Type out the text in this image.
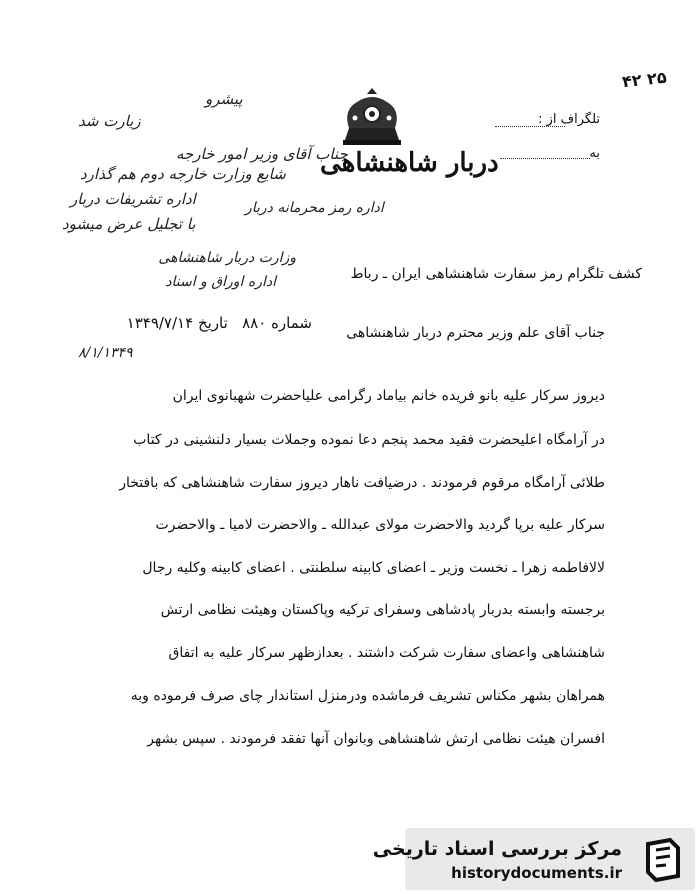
۴۲ ۲۵
دربار شاهنشاهی
اداره رمز محرمانه دربار
تلگراف از :
به
پیشرو
زیارت شد
جناب آقای وزیر امور خارجه
شایع وزارت خارجه دوم هم گذارد
اداره تشریفات دربار
با تجلیل عرض میشود
وزارت دربار شاهنشاهی
اداره اوراق و اسناد
شماره ۸۸۰   تاریخ ۱۳۴۹/۷/۱۴
۸/۱/۱۳۴۹
کشف تلگرام رمز سفارت شاهنشاهی ایران ـ رباط
جناب آقای علم وزیر محترم دربار شاهنشاهی
دیروز سرکار علیه بانو فریده خانم بیاماد رگرامی علیاحضرت شهبانوی ایران
در آرامگاه اعلیحضرت فقید محمد پنجم دعا نموده وجملات بسیار دلنشینی در کتاب
طلائی آرامگاه مرقوم فرمودند . درضیافت ناهار دیروز سفارت شاهنشاهی که بافتخار
سرکار علیه برپا گردید والاحضرت مولای عبدالله ـ والاحضرت لامیا ـ والاحضرت
لالافاطمه زهرا ـ نخست وزیر ـ اعضای کابینه سلطنتی . اعضای کابینه وکلیه رجال
برجسته وابسته بدربار پادشاهی وسفرای ترکیه وپاکستان وهیئت نظامی ارتش
شاهنشاهی واعضای سفارت شرکت داشتند . بعدازظهر سرکار علیه به اتفاق
همراهان بشهر مکناس تشریف فرماشده ودرمنزل استاندار چای صرف فرموده وبه
افسران هیئت نظامی ارتش شاهنشاهی وبانوان آنها تفقد فرمودند . سپس بشهر
مرکز بررسی اسناد تاریخی
historydocuments.ir
